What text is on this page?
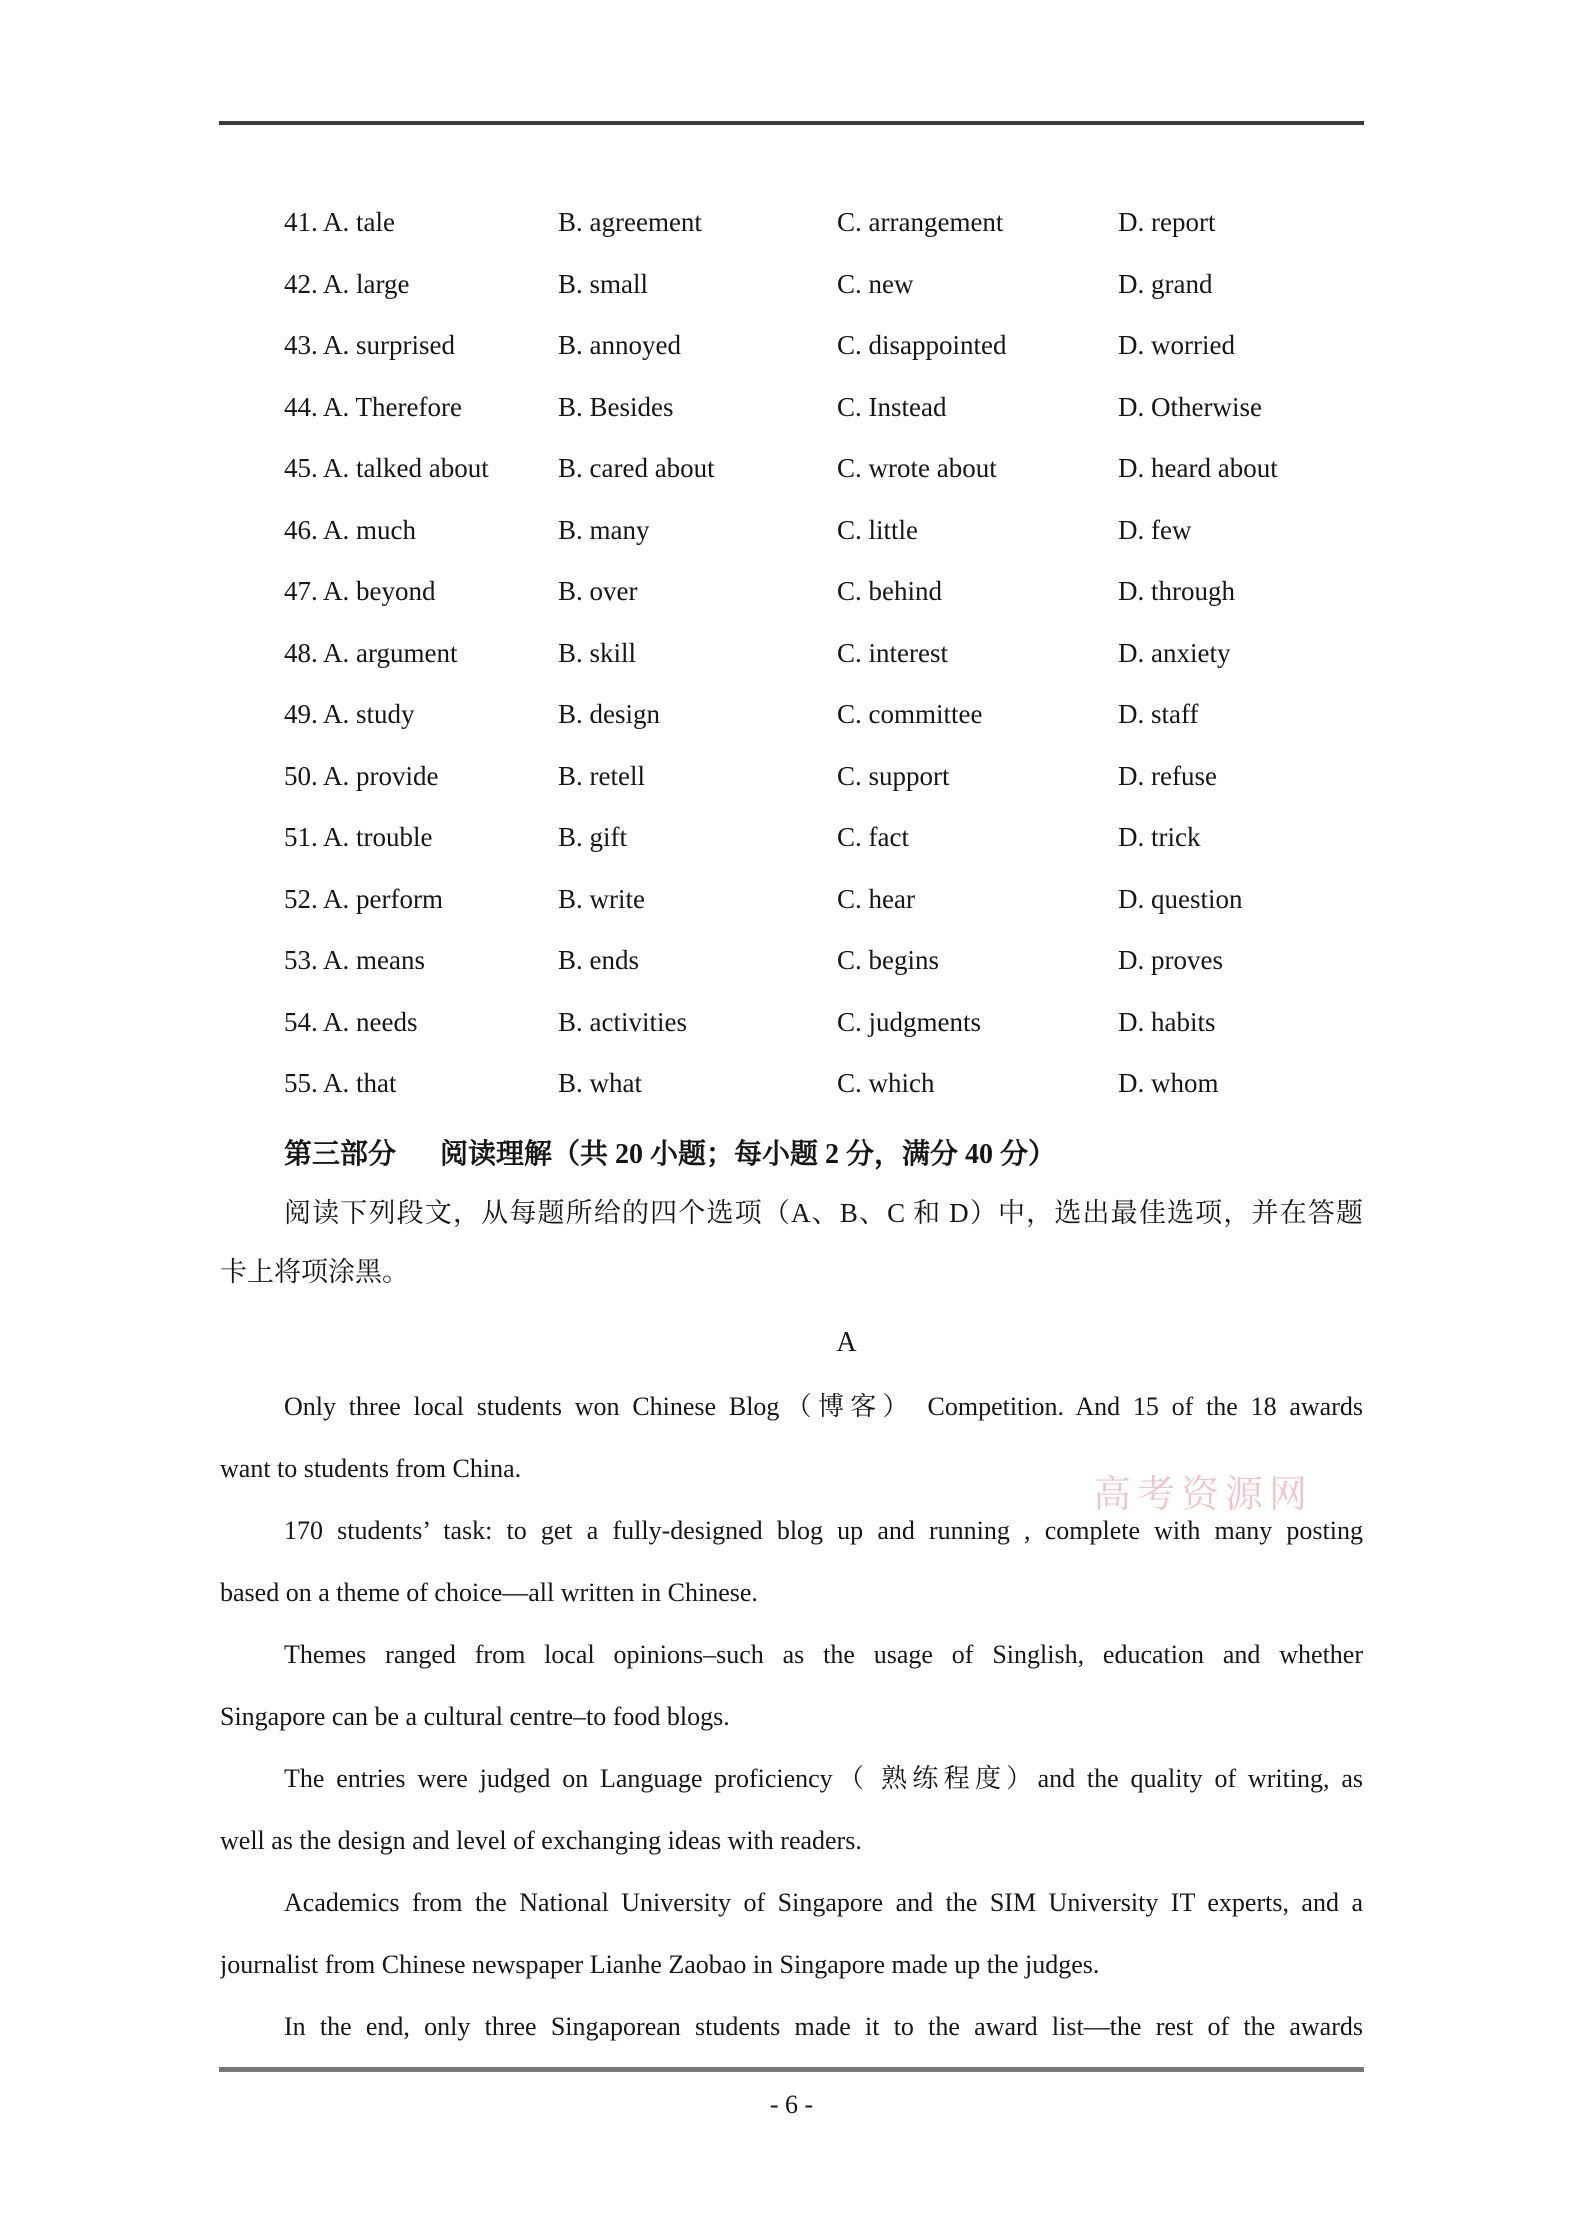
41. A. tale	B. agreement	C. arrangement	D. report
42. A. large	B. small	C. new	D. grand
43. A. surprised	B. annoyed	C. disappointed	D. worried
44. A. Therefore	B. Besides	C. Instead	D. Otherwise
45. A. talked about	B. cared about	C. wrote about	D. heard about
46. A. much	B. many	C. little	D. few
47. A. beyond	B. over	C. behind	D. through
48. A. argument	B. skill	C. interest	D. anxiety
49. A. study	B. design	C. committee	D. staff
50. A. provide	B. retell	C. support	D. refuse
51. A. trouble	B. gift	C. fact	D. trick
52. A. perform	B. write	C. hear	D. question
53. A. means	B. ends	C. begins	D. proves
54. A. needs	B. activities	C. judgments	D. habits
55. A. that	B. what	C. which	D. whom
第三部分 阅读理解（共 20 小题；每小题 2 分，满分 40 分）
阅读下列段文，从每题所给的四个选项（A、B、C 和 D）中，选出最佳选项，并在答题
卡上将项涂黑。
A
高考资源网
Only three local students won Chinese Blog（博客） Competition. And 15 of the 18 awards
want to students from China.
170 students’ task: to get a fully-designed blog up and running , complete with many posting
based on a theme of choice—all written in Chinese.
Themes ranged from local opinions–such as the usage of Singlish, education and whether
Singapore can be a cultural centre–to food blogs.
The entries were judged on Language proficiency（ 熟练程度）and the quality of writing, as
well as the design and level of exchanging ideas with readers.
Academics from the National University of Singapore and the SIM University IT experts, and a
journalist from Chinese newspaper Lianhe Zaobao in Singapore made up the judges.
In the end, only three Singaporean students made it to the award list—the rest of the awards
- 6 -
